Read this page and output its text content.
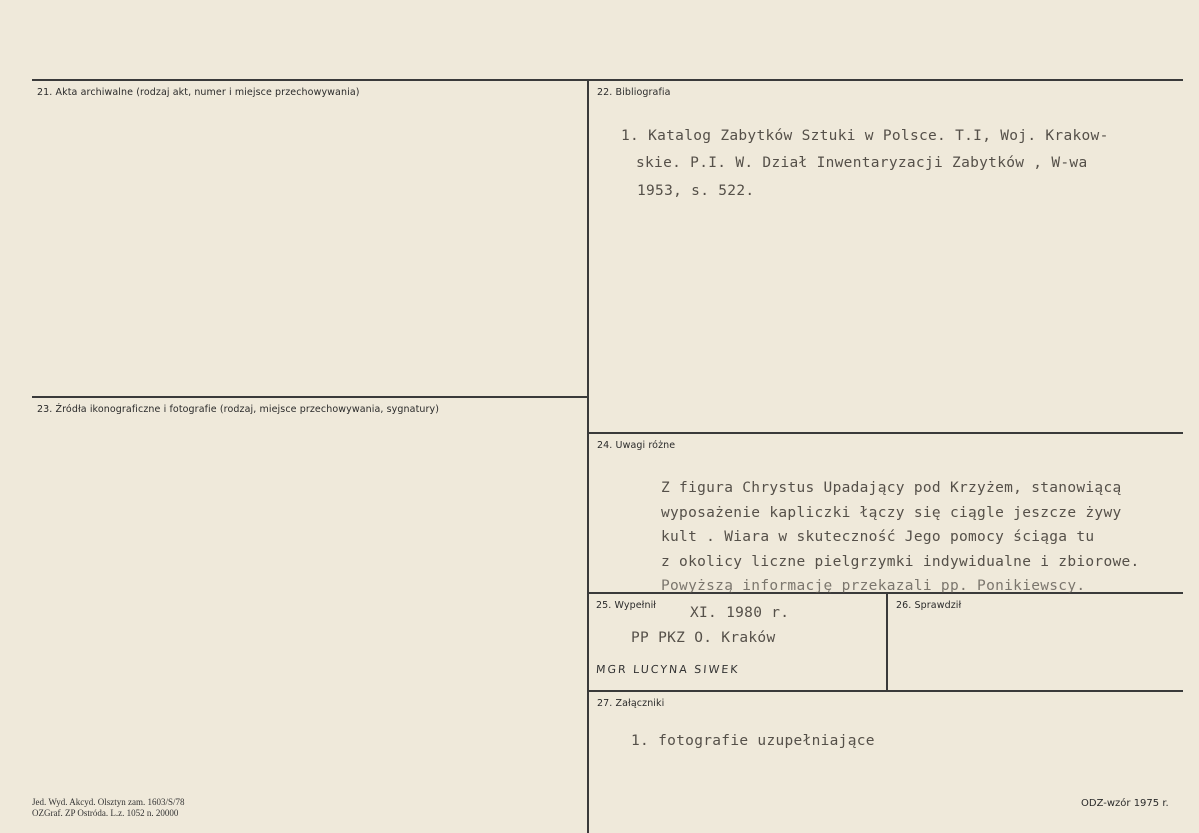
21. Akta archiwalne (rodzaj akt, numer i miejsce przechowywania)	22. Bibliografia
1. Katalog Zabytków Sztuki w Polsce. T.I, Woj. Krakow-
skie. P.I. W. Dział Inwentaryzacji Zabytków , W-wa
1953, s. 522.
23. Źródła ikonograficzne i fotografie (rodzaj, miejsce przechowywania, sygnatury)
24. Uwagi różne
Z figura Chrystus Upadający pod Krzyżem, stanowiącą
wyposażenie kapliczki łączy się ciągle jeszcze żywy
kult . Wiara w skuteczność Jego pomocy ściąga tu
z okolicy liczne pielgrzymki indywidualne i zbiorowe.
Powyższą informację przekazali pp. Ponikiewscy.
25. Wypełnił XI. 1980 r.
PP PKZ O. Kraków
MGR LUCYNA SIWEK
26. Sprawdził
27. Załączniki
1. fotografie uzupełniające
Jed. Wyd. Akcyd. Olsztyn zam. 1603/S/78
OZGraf. ZP Ostróda. L.z. 1052 n. 20000
ODZ-wzór 1975 r.
